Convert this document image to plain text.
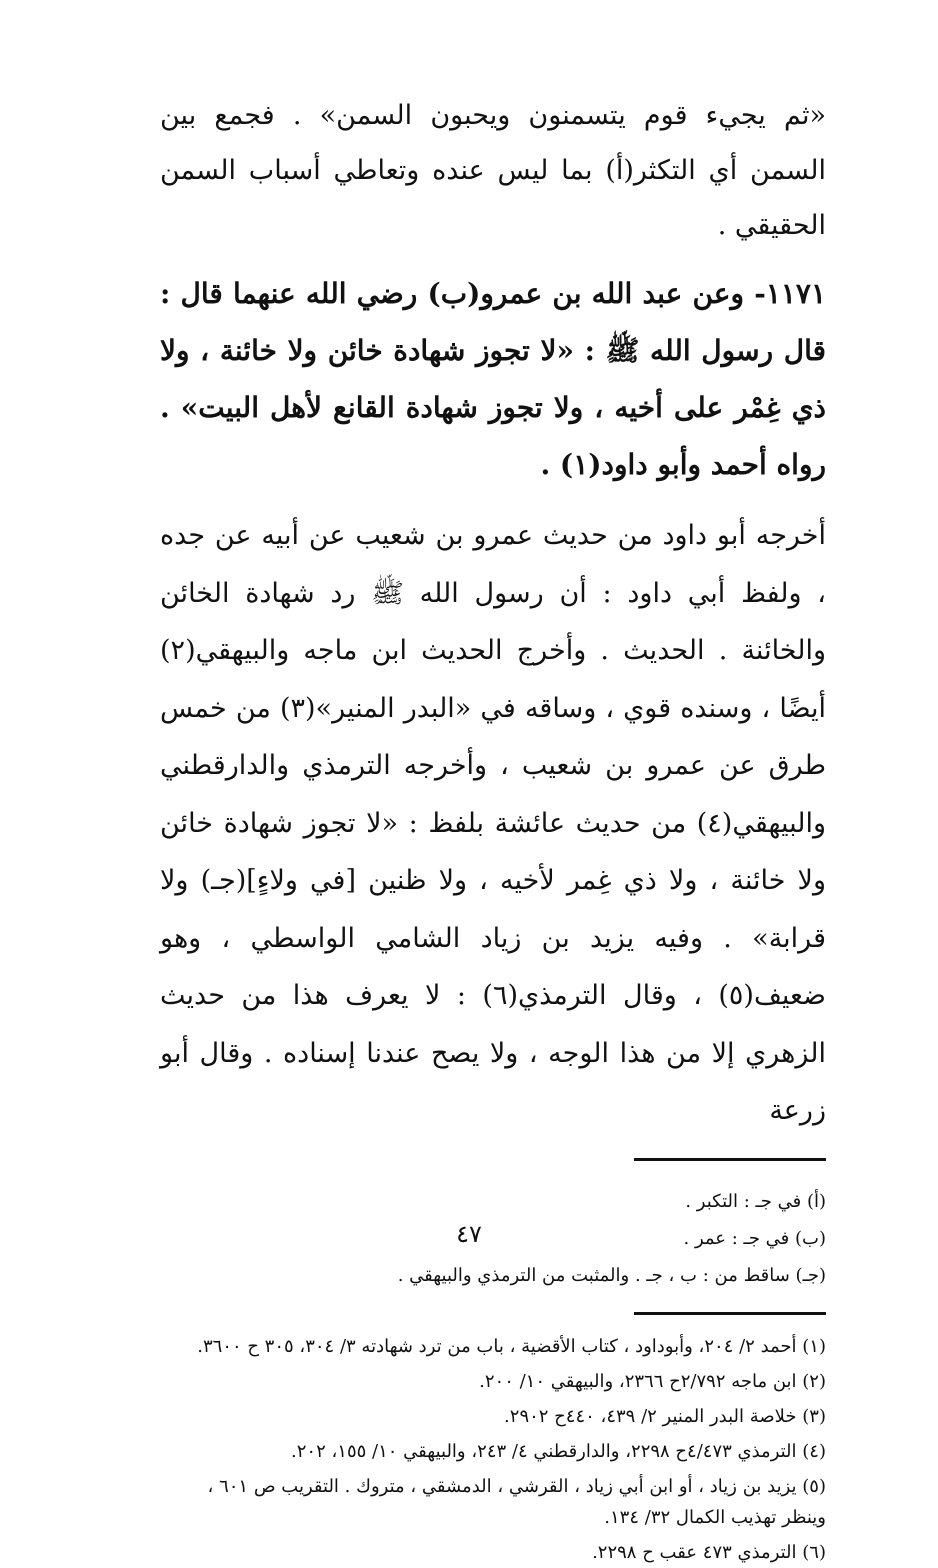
«ثم يجيء قوم يتسمنون ويحبون السمن» . فجمع بين السمن أي التكثر(أ) بما ليس عنده وتعاطي أسباب السمن الحقيقي .

١١٧١- وعن عبد الله بن عمرو(ب) رضي الله عنهما قال : قال رسول الله ﷺ : «لا تجوز شهادة خائن ولا خائنة ، ولا ذي غِمْر على أخيه ، ولا تجوز شهادة القانع لأهل البيت» . رواه أحمد وأبو داود(١) .

أخرجه أبو داود من حديث عمرو بن شعيب عن أبيه عن جده ، ولفظ أبي داود : أن رسول الله ﷺ رد شهادة الخائن والخائنة . الحديث . وأخرج الحديث ابن ماجه والبيهقي(٢) أيضًا ، وسنده قوي ، وساقه في «البدر المنير»(٣) من خمس طرق عن عمرو بن شعيب ، وأخرجه الترمذي والدارقطني والبيهقي(٤) من حديث عائشة بلفظ : «لا تجوز شهادة خائن ولا خائنة ، ولا ذي غِمر لأخيه ، ولا ظنين [في ولاءٍ](جـ) ولا قرابة» . وفيه يزيد بن زياد الشامي الواسطي ، وهو ضعيف(٥) ، وقال الترمذي(٦) : لا يعرف هذا من حديث الزهري إلا من هذا الوجه ، ولا يصح عندنا إسناده . وقال أبو زرعة

(أ) في جـ : التكبر .
(ب) في جـ : عمر .
(جـ) ساقط من : ب ، جـ . والمثبت من الترمذي والبيهقي .
(١) أحمد ٢/ ٢٠٤، وأبوداود ، كتاب الأقضية ، باب من ترد شهادته ٣/ ٣٠٤، ٣٠٥ ح ٣٦٠٠.
(٢) ابن ماجه ٢/٧٩٢ح ٢٣٦٦، والبيهقي ١٠/ ٢٠٠.
(٣) خلاصة البدر المنير ٢/ ٤٣٩، ٤٤٠ح ٢٩٠٢.
(٤) الترمذي ٤/٤٧٣ح ٢٢٩٨، والدارقطني ٤/ ٢٤٣، والبيهقي ١٠/ ١٥٥، ٢٠٢.
(٥) يزيد بن زياد ، أو ابن أبي زياد ، القرشي ، الدمشقي ، متروك . التقريب ص ٦٠١ ، وينظر تهذيب الكمال ٣٢/ ١٣٤.
(٦) الترمذي ٤٧٣ عقب ح ٢٢٩٨.
٤٧
